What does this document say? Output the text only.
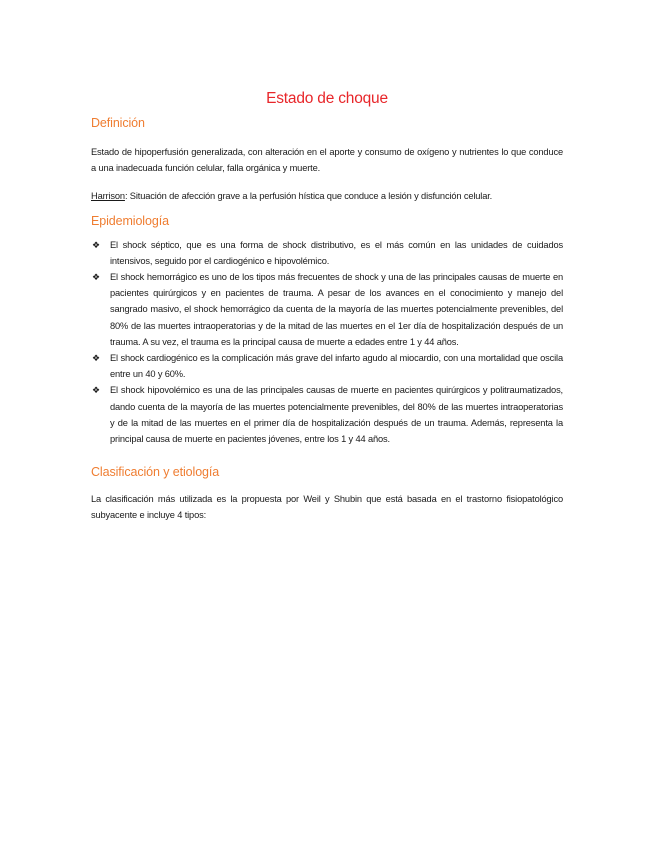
Estado de choque
Definición

Estado de hipoperfusión generalizada, con alteración en el aporte y consumo de oxígeno y nutrientes lo que conduce a una inadecuada función celular, falla orgánica y muerte.

Harrison: Situación de afección grave a la perfusión hística que conduce a lesión y disfunción celular.

Epidemiología
❖ El shock séptico, que es una forma de shock distributivo, es el más común en las unidades de cuidados intensivos, seguido por el cardiogénico e hipovolémico.
❖ El shock hemorrágico es uno de los tipos más frecuentes de shock y una de las principales causas de muerte en pacientes quirúrgicos y en pacientes de trauma. A pesar de los avances en el conocimiento y manejo del sangrado masivo, el shock hemorrágico da cuenta de la mayoría de las muertes potencialmente prevenibles, del 80% de las muertes intraoperatorias y de la mitad de las muertes en el 1er día de hospitalización después de un trauma. A su vez, el trauma es la principal causa de muerte a edades entre 1 y 44 años.
❖ El shock cardiogénico es la complicación más grave del infarto agudo al miocardio, con una mortalidad que oscila entre un 40 y 60%.
❖ El shock hipovolémico es una de las principales causas de muerte en pacientes quirúrgicos y politraumatizados, dando cuenta de la mayoría de las muertes potencialmente prevenibles, del 80% de las muertes intraoperatorias y de la mitad de las muertes en el primer día de hospitalización después de un trauma. Además, representa la principal causa de muerte en pacientes jóvenes, entre los 1 y 44 años.
Clasificación y etiología

La clasificación más utilizada es la propuesta por Weil y Shubin que está basada en el trastorno fisiopatológico subyacente e incluye 4 tipos:
